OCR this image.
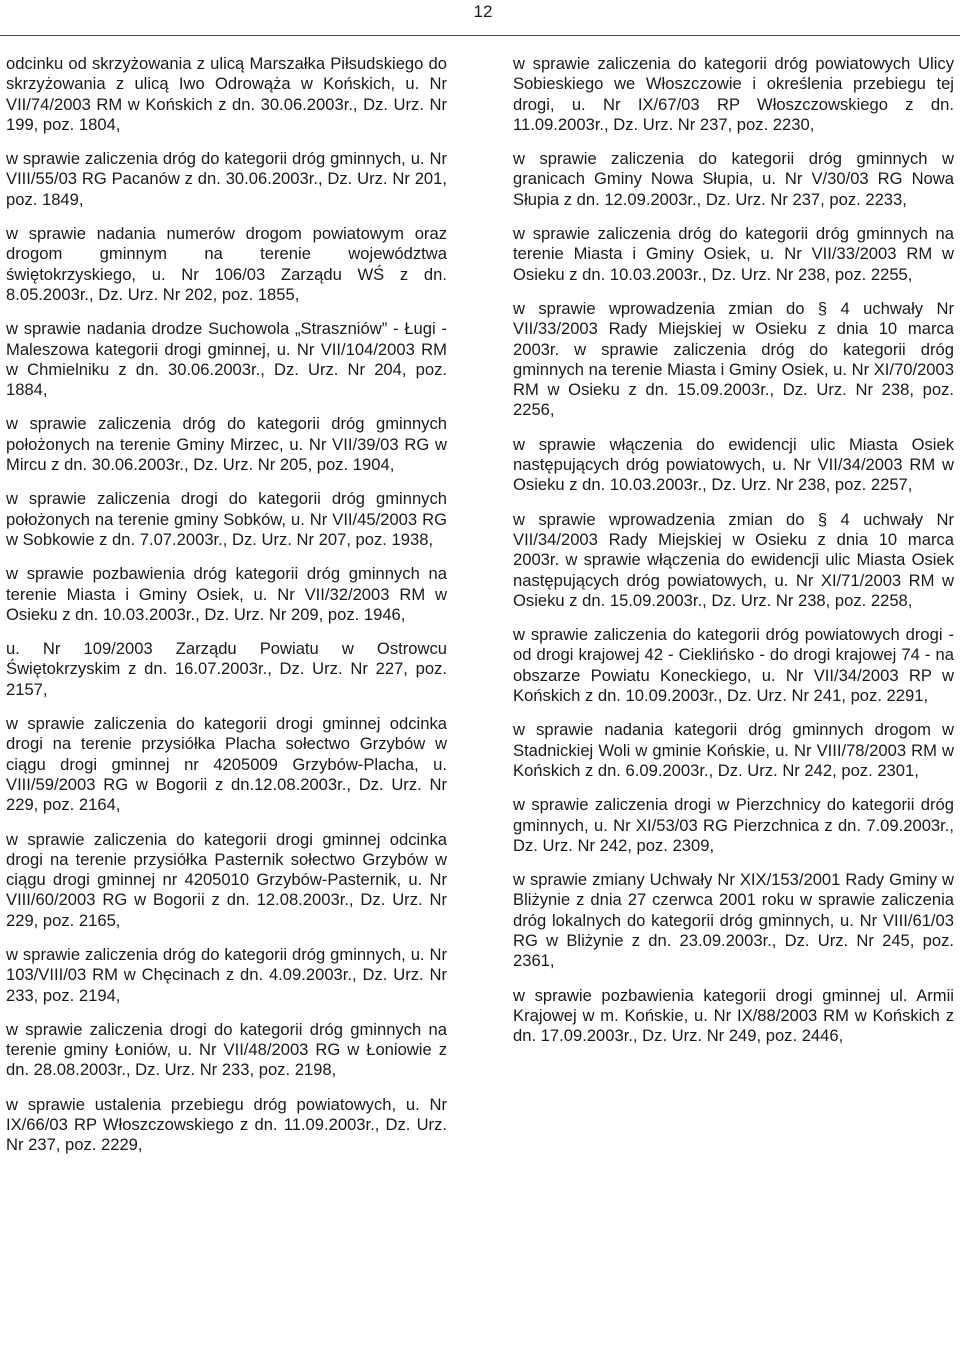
12

odcinku od skrzyżowania z ulicą Marszałka Piłsudskiego do skrzyżowania z ulicą Iwo Odrowąża w Końskich, u. Nr VII/74/2003 RM w Końskich z dn. 30.06.2003r., Dz. Urz. Nr 199, poz. 1804,

w sprawie zaliczenia dróg do kategorii dróg gminnych, u. Nr VIII/55/03 RG Pacanów z dn. 30.06.2003r., Dz. Urz. Nr 201, poz. 1849,

w sprawie nadania numerów drogom powiatowym oraz drogom gminnym na terenie województwa świętokrzyskiego, u. Nr 106/03 Zarządu WŚ z dn. 8.05.2003r., Dz. Urz. Nr 202, poz. 1855,

w sprawie nadania drodze Suchowola „Straszniów” - Ługi - Maleszowa kategorii drogi gminnej, u. Nr VII/104/2003 RM w Chmielniku z dn. 30.06.2003r., Dz. Urz. Nr 204, poz. 1884,

w sprawie zaliczenia dróg do kategorii dróg gminnych położonych na terenie Gminy Mirzec, u. Nr VII/39/03 RG w Mircu z dn. 30.06.2003r., Dz. Urz. Nr 205, poz. 1904,

w sprawie zaliczenia drogi do kategorii dróg gminnych położonych na terenie gminy Sobków, u. Nr VII/45/2003 RG w Sobkowie z dn. 7.07.2003r., Dz. Urz. Nr 207, poz. 1938,

w sprawie pozbawienia dróg kategorii dróg gminnych na terenie Miasta i Gminy Osiek, u. Nr VII/32/2003 RM w Osieku z dn. 10.03.2003r., Dz. Urz. Nr 209, poz. 1946,

u. Nr 109/2003 Zarządu Powiatu w Ostrowcu Świętokrzyskim z dn. 16.07.2003r., Dz. Urz. Nr 227, poz. 2157,

w sprawie zaliczenia do kategorii drogi gminnej odcinka drogi na terenie przysiółka Placha sołectwo Grzybów w ciągu drogi gminnej nr 4205009 Grzybów-Placha, u. VIII/59/2003 RG w Bogorii z dn.12.08.2003r., Dz. Urz. Nr 229, poz. 2164,

w sprawie zaliczenia do kategorii drogi gminnej odcinka drogi na terenie przysiółka Pasternik sołectwo Grzybów w ciągu drogi gminnej nr 4205010 Grzybów-Pasternik, u. Nr VIII/60/2003 RG w Bogorii z dn. 12.08.2003r., Dz. Urz. Nr 229, poz. 2165,

w sprawie zaliczenia dróg do kategorii dróg gminnych, u. Nr 103/VIII/03 RM w Chęcinach z dn. 4.09.2003r., Dz. Urz. Nr 233, poz. 2194,

w sprawie zaliczenia drogi do kategorii dróg gminnych na terenie gminy Łoniów, u. Nr VII/48/2003 RG w Łoniowie z dn. 28.08.2003r., Dz. Urz. Nr 233, poz. 2198,

w sprawie ustalenia przebiegu dróg powiatowych, u. Nr IX/66/03 RP Włoszczowskiego z dn. 11.09.2003r., Dz. Urz. Nr 237, poz. 2229,

w sprawie zaliczenia do kategorii dróg powiatowych Ulicy Sobieskiego we Włoszczowie i określenia przebiegu tej drogi, u. Nr IX/67/03 RP Włoszczowskiego z dn. 11.09.2003r., Dz. Urz. Nr 237, poz. 2230,

w sprawie zaliczenia do kategorii dróg gminnych w granicach Gminy Nowa Słupia, u. Nr V/30/03 RG Nowa Słupia z dn. 12.09.2003r., Dz. Urz. Nr 237, poz. 2233,

w sprawie zaliczenia dróg do kategorii dróg gminnych na terenie Miasta i Gminy Osiek, u. Nr VII/33/2003 RM w Osieku z dn. 10.03.2003r., Dz. Urz. Nr 238, poz. 2255,

w sprawie wprowadzenia zmian do § 4 uchwały Nr VII/33/2003 Rady Miejskiej w Osieku z dnia 10 marca 2003r. w sprawie zaliczenia dróg do kategorii dróg gminnych na terenie Miasta i Gminy Osiek, u. Nr XI/70/2003 RM w Osieku z dn. 15.09.2003r., Dz. Urz. Nr 238, poz. 2256,

w sprawie włączenia do ewidencji ulic Miasta Osiek następujących dróg powiatowych, u. Nr VII/34/2003 RM w Osieku z dn. 10.03.2003r., Dz. Urz. Nr 238, poz. 2257,

w sprawie wprowadzenia zmian do § 4 uchwały Nr VII/34/2003 Rady Miejskiej w Osieku z dnia 10 marca 2003r. w sprawie włączenia do ewidencji ulic Miasta Osiek następujących dróg powiatowych, u. Nr XI/71/2003 RM w Osieku z dn. 15.09.2003r., Dz. Urz. Nr 238, poz. 2258,

w sprawie zaliczenia do kategorii dróg powiatowych drogi - od drogi krajowej 42 - Cieklińsko - do drogi krajowej 74 - na obszarze Powiatu Koneckiego, u. Nr VII/34/2003 RP w Końskich z dn. 10.09.2003r., Dz. Urz. Nr 241, poz. 2291,

w sprawie nadania kategorii dróg gminnych drogom w Stadnickiej Woli w gminie Końskie, u. Nr VIII/78/2003 RM w Końskich z dn. 6.09.2003r., Dz. Urz. Nr 242, poz. 2301,

w sprawie zaliczenia drogi w Pierzchnicy do kategorii dróg gminnych, u. Nr XI/53/03 RG Pierzchnica z dn. 7.09.2003r., Dz. Urz. Nr 242, poz. 2309,

w sprawie zmiany Uchwały Nr XIX/153/2001 Rady Gminy w Bliżynie z dnia 27 czerwca 2001 roku w sprawie zaliczenia dróg lokalnych do kategorii dróg gminnych, u. Nr VIII/61/03 RG w Bliżynie z dn. 23.09.2003r., Dz. Urz. Nr 245, poz. 2361,

w sprawie pozbawienia kategorii drogi gminnej ul. Armii Krajowej w m. Końskie, u. Nr IX/88/2003 RM w Końskich z dn. 17.09.2003r., Dz. Urz. Nr 249, poz. 2446,
